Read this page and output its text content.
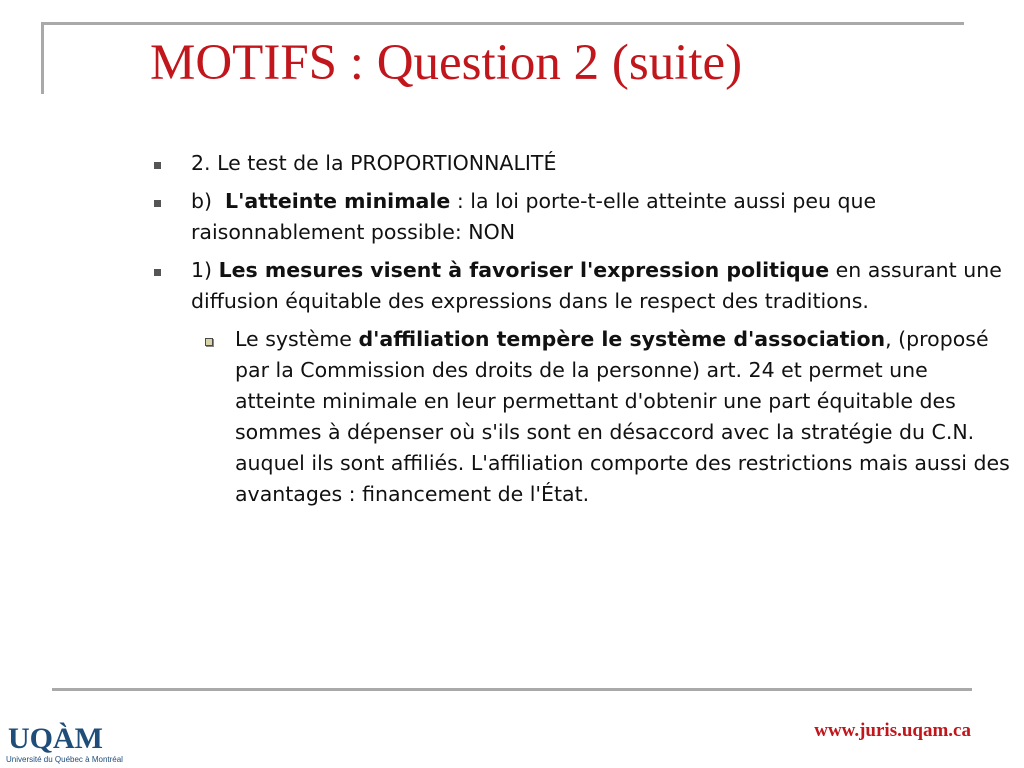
MOTIFS : Question 2 (suite)
2. Le test de la PROPORTIONNALITÉ
b)  L'atteinte minimale : la loi porte-t-elle atteinte aussi peu que raisonnablement possible: NON
1) Les mesures visent à favoriser l'expression politique en assurant une diffusion équitable des expressions dans le respect des traditions.
Le système d'affiliation tempère le système d'association, (proposé par la Commission des droits de la personne) art. 24 et permet une atteinte minimale en leur permettant d'obtenir une part équitable des sommes à dépenser où s'ils sont en désaccord avec la stratégie du C.N. auquel ils sont affiliés. L'affiliation comporte des restrictions mais aussi des avantages : financement de l'État.
UQÀM
Université du Québec à Montréal
www.juris.uqam.ca
